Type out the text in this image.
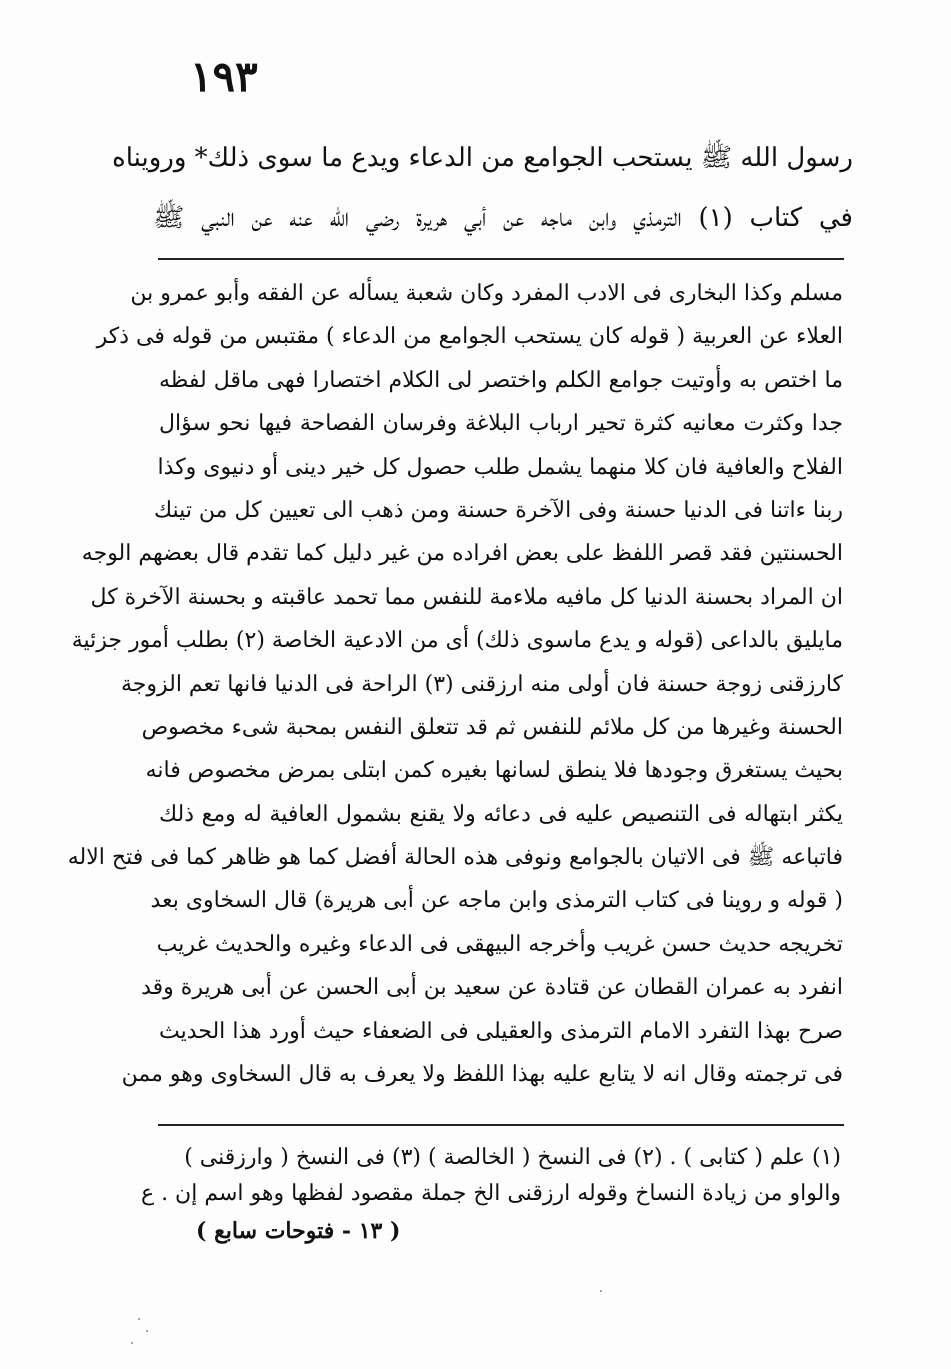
١٩٣
رسول الله ﷺ يستحب الجوامع من الدعاء ويدع ما سوى ذلك* ورويناه
في كتاب (١) الترمذي وابن ماجه عن أبي هريرة رضي الله عنه عن النبي ﷺ
مسلم وكذا البخارى فى الادب المفرد وكان شعبة يسأله عن الفقه وأبو عمرو بن
العلاء عن العربية ( قوله كان يستحب الجوامع من الدعاء ) مقتبس من قوله فى ذكر
ما اختص به وأوتيت جوامع الكلم واختصر لى الكلام اختصارا فهى ماقل لفظه
جدا وكثرت معانيه كثرة تحير ارباب البلاغة وفرسان الفصاحة فيها نحو سؤال
الفلاح والعافية فان كلا منهما يشمل طلب حصول كل خير دينى أو دنيوى وكذا
ربنا ءاتنا فى الدنيا حسنة وفى الآخرة حسنة ومن ذهب الى تعيين كل من تينك
الحسنتين فقد قصر اللفظ على بعض افراده من غير دليل كما تقدم قال بعضهم الوجه
ان المراد بحسنة الدنيا كل مافيه ملاءمة للنفس مما تحمد عاقبته و بحسنة الآخرة كل
مايليق بالداعى (قوله و يدع ماسوى ذلك) أى من الادعية الخاصة (٢) بطلب أمور جزئية
كارزقنى زوجة حسنة فان أولى منه ارزقنى (٣) الراحة فى الدنيا فانها تعم الزوجة
الحسنة وغيرها من كل ملائم للنفس ثم قد تتعلق النفس بمحبة شىء مخصوص
بحيث يستغرق وجودها فلا ينطق لسانها بغيره كمن ابتلى بمرض مخصوص فانه
يكثر ابتهاله فى التنصيص عليه فى دعائه ولا يقنع بشمول العافية له ومع ذلك
فاتباعه ﷺ فى الاتيان بالجوامع ونوفى هذه الحالة أفضل كما هو ظاهر كما فى فتح الاله
( قوله و روينا فى كتاب الترمذى وابن ماجه عن أبى هريرة) قال السخاوى بعد
تخريجه حديث حسن غريب وأخرجه البيهقى فى الدعاء وغيره والحديث غريب
انفرد به عمران القطان عن قتادة عن سعيد بن أبى الحسن عن أبى هريرة وقد
صرح بهذا التفرد الامام الترمذى والعقيلى فى الضعفاء حيث أورد هذا الحديث
فى ترجمته وقال انه لا يتابع عليه بهذا اللفظ ولا يعرف به قال السخاوى وهو ممن
(١) علم ( كتابى ) . (٢) فى النسخ ( الخالصة ) (٣) فى النسخ ( وارزقنى )
والواو من زيادة النساخ وقوله ارزقنى الخ جملة مقصود لفظها وهو اسم إن . ع
( ١٣ - فتوحات سابع )
